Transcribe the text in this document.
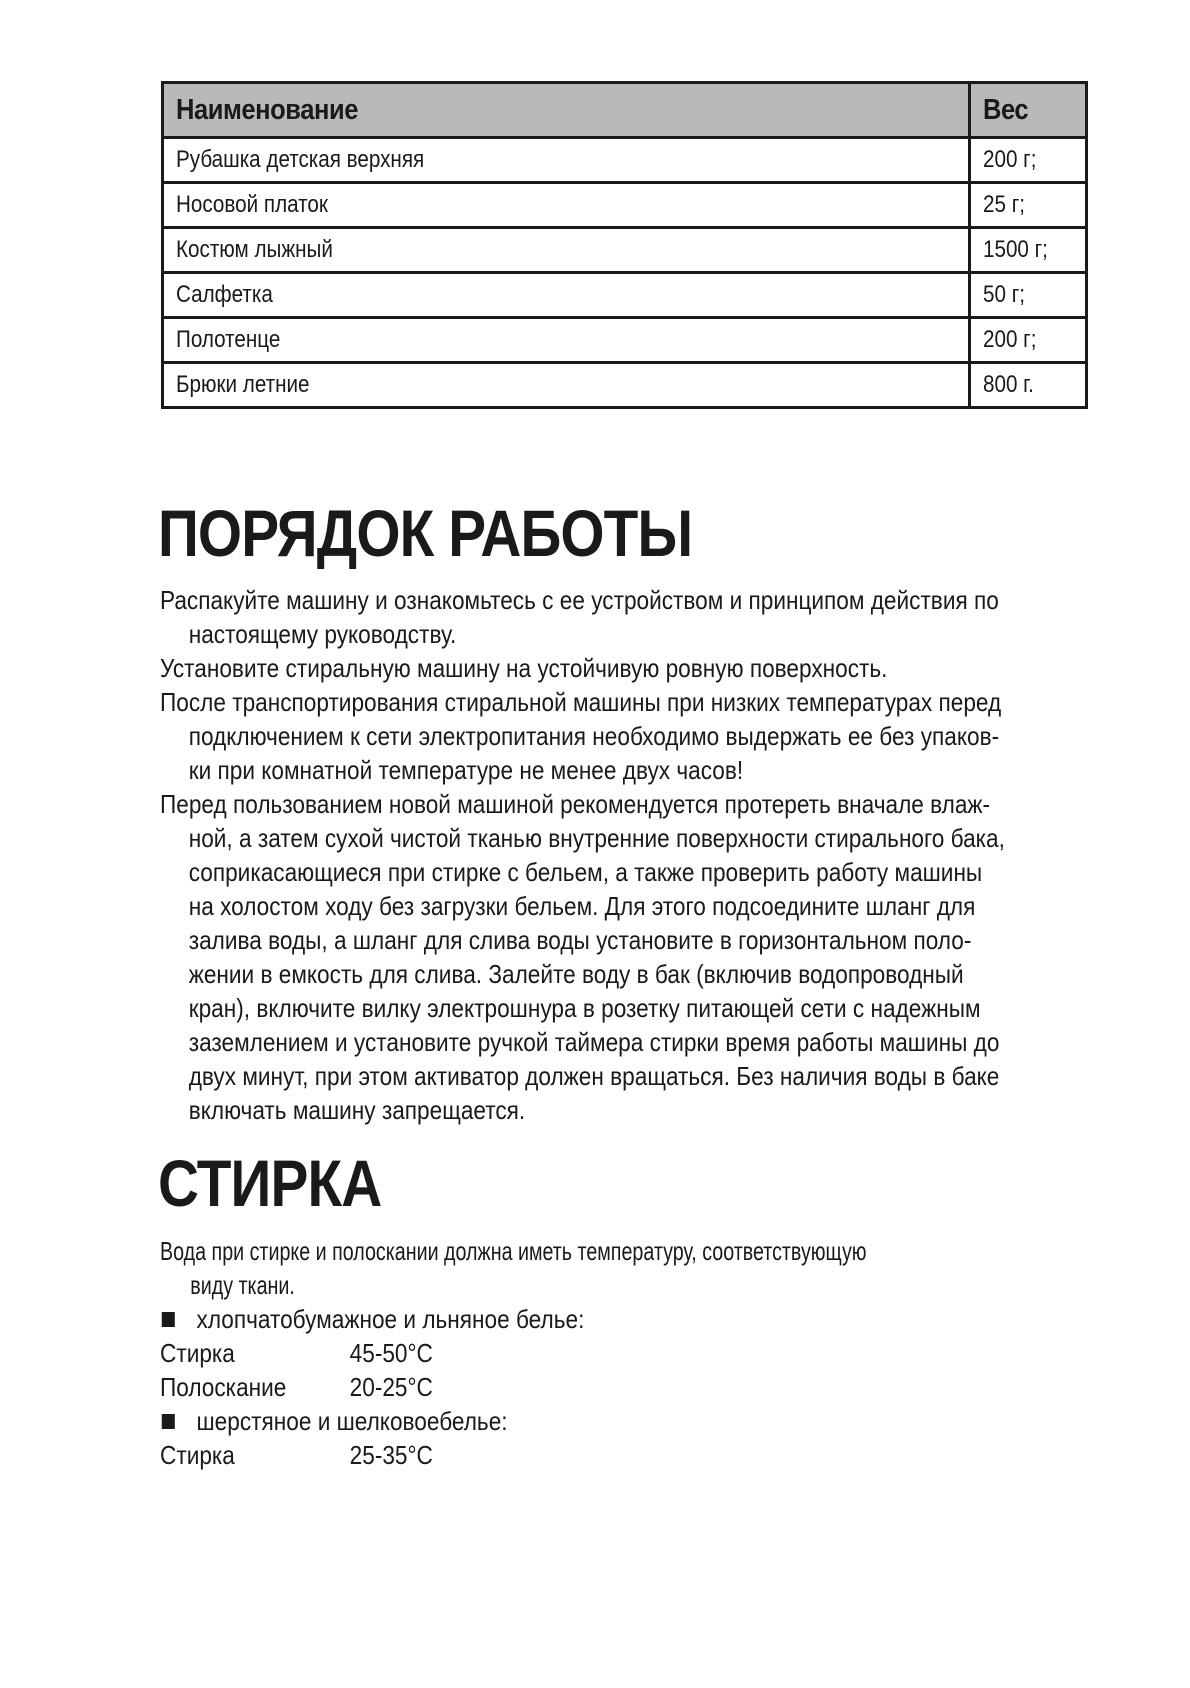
Наименование	Вес
Рубашка детская верхняя	200 г;
Носовой платок	25 г;
Костюм лыжный	1500 г;
Салфетка	50 г;
Полотенце	200 г;
Брюки летние	800 г.
ПОРЯДОК РАБОТЫ

Распакуйте машину и ознакомьтесь с ее устройством и принципом действия по
настоящему руководству.

Установите стиральную машину на устойчивую ровную поверхность.

После транспортирования стиральной машины при низких температурах перед
подключением к сети электропитания необходимо выдержать ее без упаков-
ки при комнатной температуре не менее двух часов!

Перед пользованием новой машиной рекомендуется протереть вначале влаж-
ной, а затем сухой чистой тканью внутренние поверхности стирального бака,
соприкасающиеся при стирке с бельем, а также проверить работу машины
на холостом ходу без загрузки бельем. Для этого подсоедините шланг для
залива воды, а шланг для слива воды установите в горизонтальном поло-
жении в емкость для слива. Залейте воду в бак (включив водопроводный
кран), включите вилку электрошнура в розетку питающей сети с надежным
заземлением и установите ручкой таймера стирки время работы машины до
двух минут, при этом активатор должен вращаться. Без наличия воды в баке
включать машину запрещается.

СТИРКА

Вода при стирке и полоскании должна иметь температуру, соответствующую
виду ткани.

хлопчатобумажное и льняное белье:
Стирка	45-50°С
Полоскание	20-25°С
шерстяное и шелковоебелье:
Стирка	25-35°С
